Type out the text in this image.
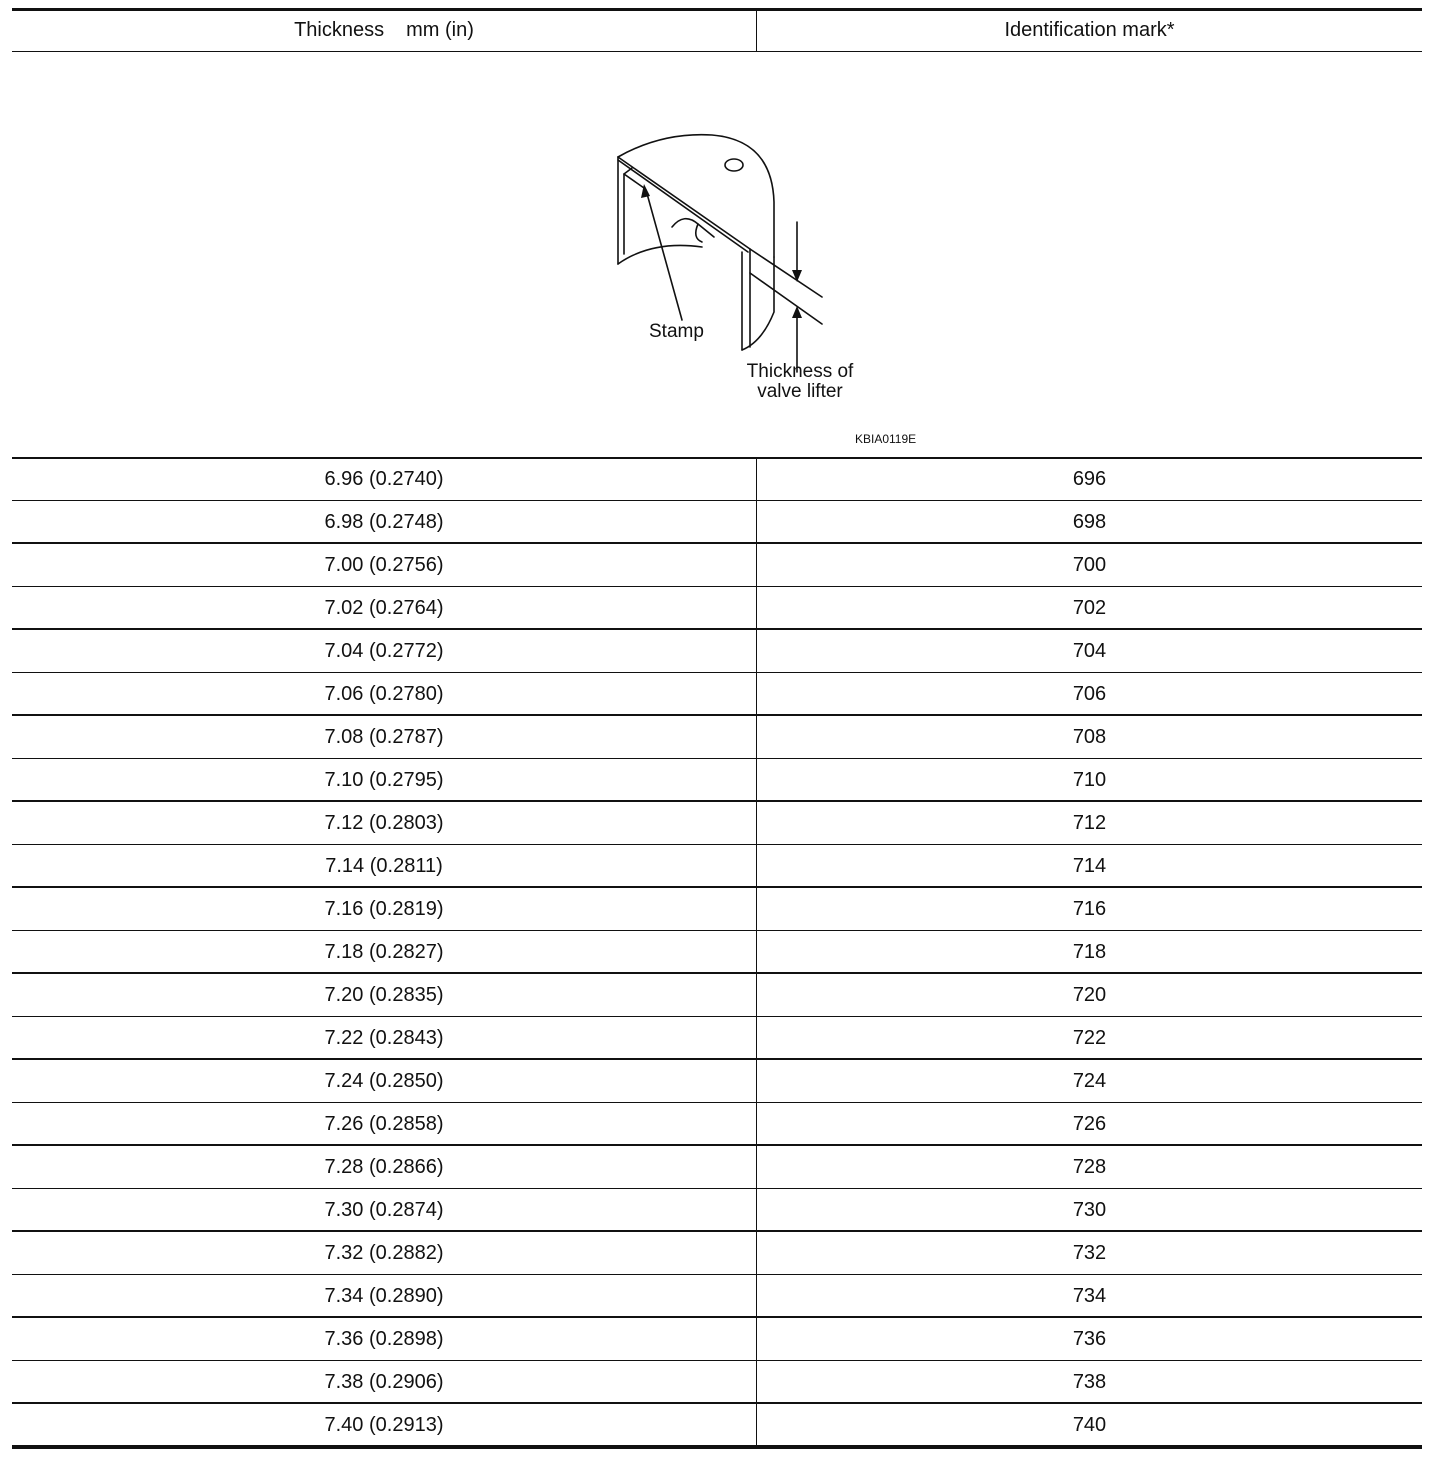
Thickness mm (in)	Identification mark*
Stamp
Thickness of
valve lifter
KBIA0119E
6.96 (0.2740)	696
6.98 (0.2748)	698
7.00 (0.2756)	700
7.02 (0.2764)	702
7.04 (0.2772)	704
7.06 (0.2780)	706
7.08 (0.2787)	708
7.10 (0.2795)	710
7.12 (0.2803)	712
7.14 (0.2811)	714
7.16 (0.2819)	716
7.18 (0.2827)	718
7.20 (0.2835)	720
7.22 (0.2843)	722
7.24 (0.2850)	724
7.26 (0.2858)	726
7.28 (0.2866)	728
7.30 (0.2874)	730
7.32 (0.2882)	732
7.34 (0.2890)	734
7.36 (0.2898)	736
7.38 (0.2906)	738
7.40 (0.2913)	740
